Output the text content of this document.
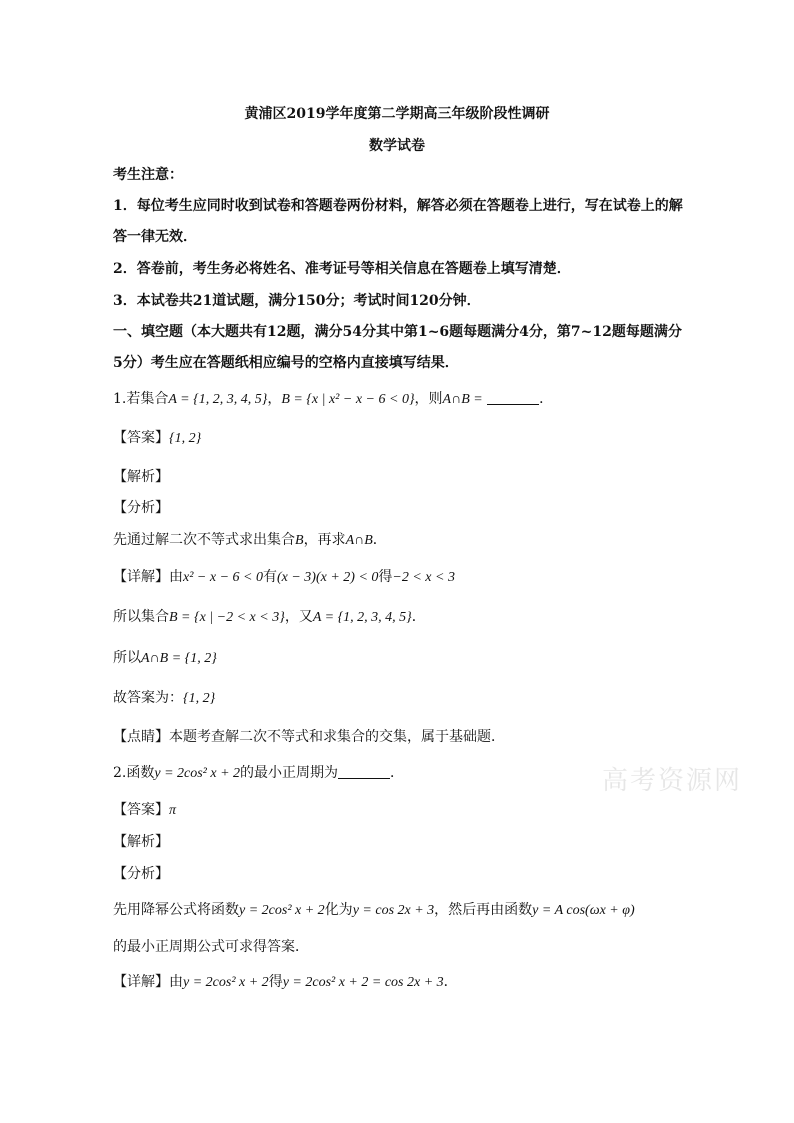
黄浦区2019学年度第二学期高三年级阶段性调研
数学试卷
考生注意：
1．每位考生应同时收到试卷和答题卷两份材料，解答必须在答题卷上进行，写在试卷上的解
答一律无效．
2．答卷前，考生务必将姓名、准考证号等相关信息在答题卷上填写清楚．
3．本试卷共21道试题，满分150分；考试时间120分钟．
一、填空题（本大题共有12题，满分54分其中第1~6题每题满分4分，第7~12题每题满分
5分）考生应在答题纸相应编号的空格内直接填写结果．
1.若集合A = {1, 2, 3, 4, 5}，B = {x | x² − x − 6 < 0}，则A∩B =	．
【答案】{1, 2}
【解析】
【分析】
先通过解二次不等式求出集合B，再求A∩B．
【详解】由x² − x − 6 < 0有(x − 3)(x + 2) < 0得−2 < x < 3
所以集合B = {x | −2 < x < 3}，又A = {1, 2, 3, 4, 5}．
所以A∩B = {1, 2}
故答案为：{1, 2}
【点睛】本题考查解二次不等式和求集合的交集，属于基础题．
2.函数y = 2cos² x + 2的最小正周期为	．
【答案】π
【解析】
【分析】
先用降幂公式将函数y = 2cos² x + 2化为y = cos 2x + 3，然后再由函数y = A cos(ωx + φ)
的最小正周期公式可求得答案．
【详解】由y = 2cos² x + 2得y = 2cos² x + 2 = cos 2x + 3．
高考资源网
